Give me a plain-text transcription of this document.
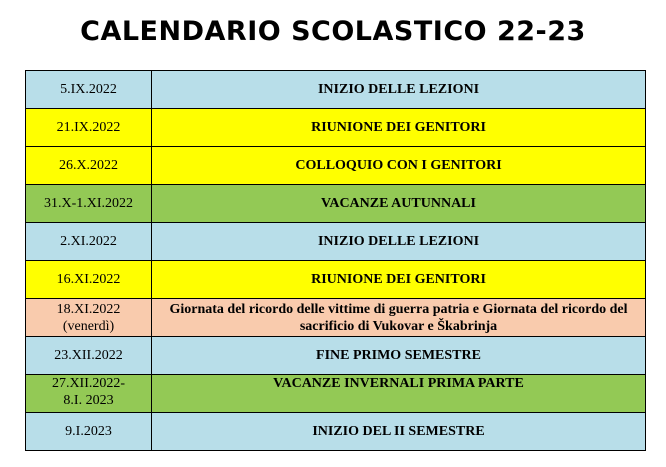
CALENDARIO SCOLASTICO 22-23
5.IX.2022	INIZIO DELLE LEZIONI

21.IX.2022	RIUNIONE DEI GENITORI

26.X.2022	COLLOQUIO CON I GENITORI

31.X-1.XI.2022	VACANZE AUTUNNALI

2.XI.2022	INIZIO DELLE LEZIONI

16.XI.2022	RIUNIONE DEI GENITORI

18.XI.2022
(venerdì)	Giornata del ricordo delle vittime di guerra patria e Giornata del ricordo del sacrificio di Vukovar e Škabrinja

23.XII.2022	FINE PRIMO SEMESTRE

27.XII.2022-
8.I. 2023	VACANZE INVERNALI PRIMA PARTE

9.I.2023	INIZIO DEL II SEMESTRE
